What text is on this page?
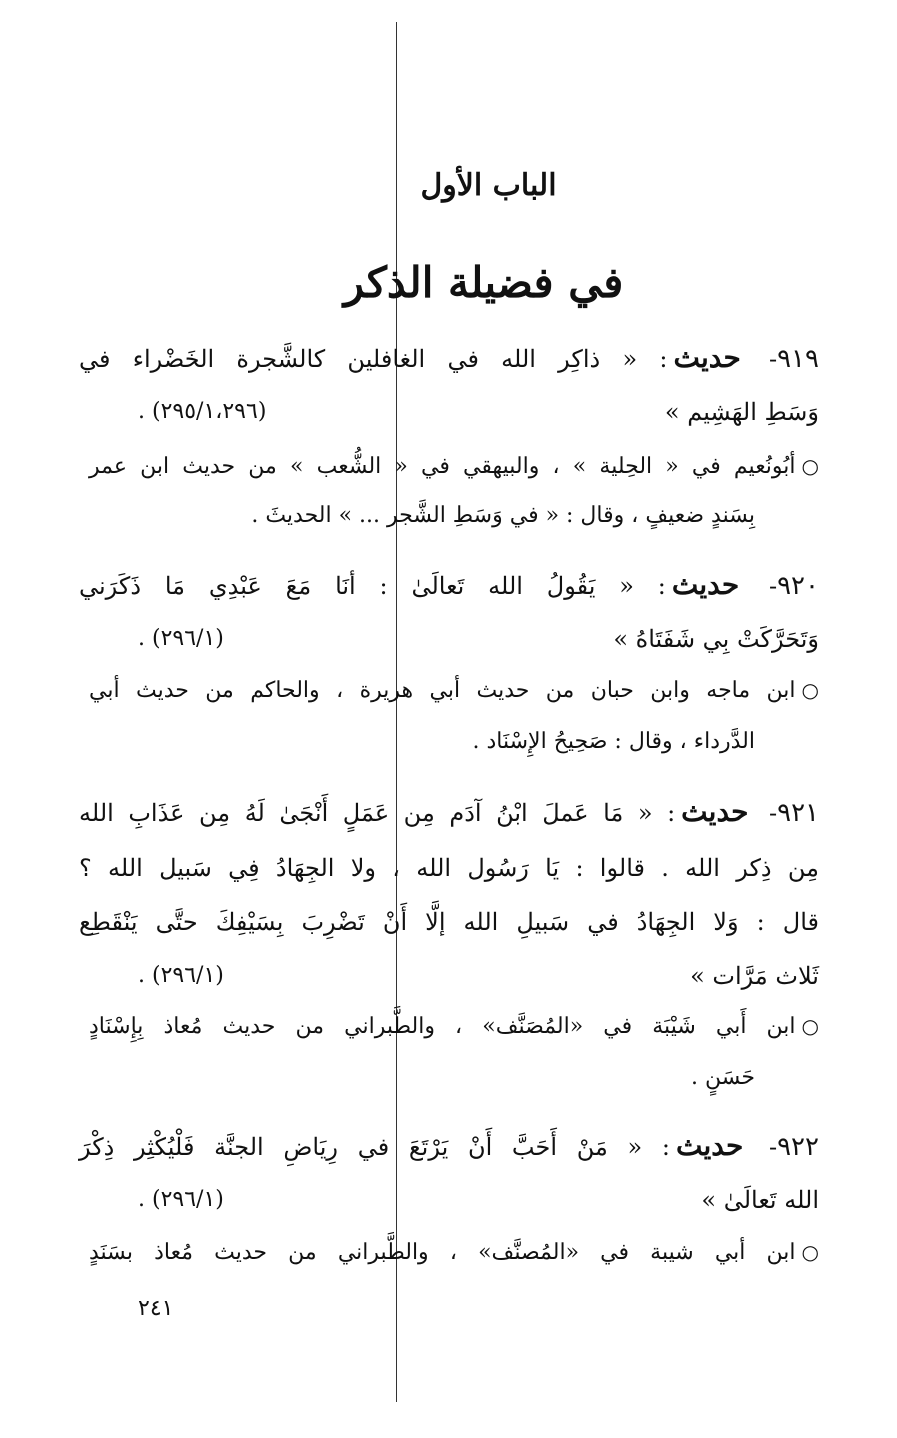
الباب الأول
في فضيلة الذكر
٩١٩- حديث: « ذاكِر الله في الغافلين كالشَّجرة الخَضْراء في
وَسَطِ الهَشِيم »
(٢٩٥/١،٢٩٦) .
○أبُونُعيم في « الحِلية » ، والبيهقي في « الشُّعب » من حديث ابن عمر
بِسَندٍ ضعيفٍ ، وقال : « في وَسَطِ الشَّجر ... » الحديثَ .
٩٢٠- حديث: « يَقُولُ الله تَعالَىٰ : أنَا مَعَ عَبْدِي مَا ذَكَرَني
وَتَحَرَّكَتْ بِي شَفَتَاهُ »
(٢٩٦/١) .
○ابن ماجه وابن حبان من حديث أبي هريرة ، والحاكم من حديث أبي
الدَّرداء ، وقال : صَحِيحُ الإِسْنَاد .
٩٢١- حديث: « مَا عَملَ ابْنُ آدَم مِن عَمَلٍ أَنْجَىٰ لَهُ مِن عَذَابِ الله
مِن ذِكر الله . قالوا : يَا رَسُول الله ، ولا الجِهَادُ فِي سَبيل الله ؟
قال : وَلا الجِهَادُ في سَبيلِ الله إلَّا أَنْ تَضْرِبَ بِسَيْفِكَ حتَّى يَنْقَطِع
ثَلاث مَرَّات »
(٢٩٦/١) .
○ابن أَبي شَيْبَة في «المُصَنَّف» ، والطَّبراني من حديث مُعاذ بِإِسْنَادٍ
حَسَنٍ .
٩٢٢- حديث: « مَنْ أَحَبَّ أَنْ يَرْتَعَ في رِيَاضِ الجنَّة فَلْيُكْثِر ذِكْرَ
الله تَعالَىٰ »
(٢٩٦/١) .
○ابن أبي شيبة في «المُصنَّف» ، والطَّبراني من حديث مُعاذ بسَنَدٍ
٢٤١
